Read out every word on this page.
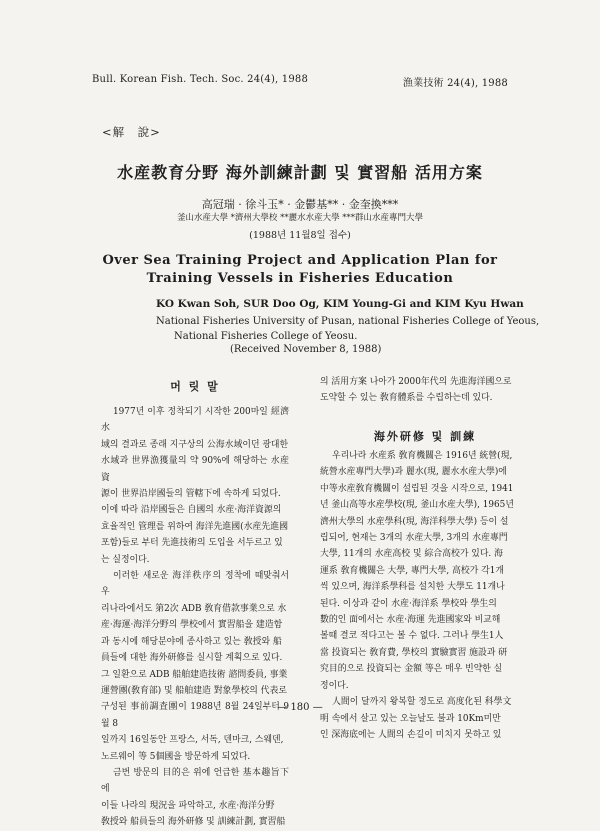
Bull. Korean Fish. Tech. Soc. 24(4), 1988	漁業技術 24(4), 1988
<解　說>
水産教育分野 海外訓練計劃 및 實習船 活用方案
高冠瑞 · 徐斗玉* · 金鬱基** · 金奎換***
釜山水産大學 *濟州大學校 **麗水水産大學 ***群山水産專門大學
(1988년 11월8일 접수)
Over Sea Training Project and Application Plan for
Training Vessels in Fisheries Education
KO Kwan Soh, SUR Doo Og, KIM Young-Gi and KIM Kyu Hwan
National Fisheries University of Pusan, national Fisheries College of Yeous,
National Fisheries College of Yeosu.
(Received November 8, 1988)
머 릿 말

1977년 이후 정착되기 시작한 200마일 經濟水

域의 결과로 종래 지구상의 公海水域이던 광대한

水域과 世界漁獲量의 약 90%에 해당하는 水産資

源이 世界沿岸國들의 管轄下에 속하게 되었다.

이에 따라 沿岸國들은 自國의 水産·海洋資源의

효율적인 管理를 위하여 海洋先進國(水産先進國

포함)들로 부터 先進技術의 도입을 서두르고 있

는 실정이다.

이러한 새로운 海洋秩序의 정착에 때맞춰서 우

리나라에서도 第2次 ADB 敎育借款事業으로 水

産·海運·海洋分野의 學校에서 實習船을 建造함

과 동시에 해당분야에 종사하고 있는 敎授와 船

員들에 대한 海外研修를 실시할 계획으로 있다.

그 일환으로 ADB 船舶建造技術 諮問委員, 事業

運營團(敎育部) 및 船舶建造 對象學校의 代表로

구성된 事前調査團이 1988년 8월 24일부터 9월 8

일까지 16일동안 프랑스, 서독, 덴마크, 스웨덴,

노르웨이 等 5個國을 방문하게 되었다.

금번 방문의 目的은 위에 언급한 基本趣旨下에

이들 나라의 現況을 파악하고, 水産·海洋分野

敎授와 船員들의 海外研修 및 訓練計劃, 實習船

의 活用方案 나아가 2000年代의 先進海洋國으로

도약할 수 있는 敎育體系를 수립하는데 있다.

海外研修 및 訓練

우리나라 水産系 敎育機關은 1916년 統營(現,

統營水産專門大學)과 麗水(現, 麗水水産大學)에

中等水産敎育機關이 설립된 것을 시작으로, 1941

년 釜山高等水産學校(現, 釜山水産大學), 1965년

濟州大學의 水産學科(現, 海洋科學大學) 등이 설

립되어, 현재는 3개의 水産大學, 3개의 水産專門

大學, 11개의 水産高校 및 綜合高校가 있다. 海

運系 敎育機關은 大學, 專門大學, 高校가 각1개

씩 있으며, 海洋系學科를 설치한 大學도 11개나

된다. 이상과 같이 水産·海洋系 學校와 學生의

數的인 面에서는 水産·海運 先進國家와 비교해

볼때 결코 적다고는 볼 수 없다. 그러나 學生1人

當 投資되는 敎育費, 學校의 實驗實習 施設과 研

究目的으로 投資되는 金額 等은 매우 빈약한 실

정이다.

人間이 달까지 왕복할 정도로 高度化된 科學文

明 속에서 살고 있는 오늘날도 불과 10Km미만

인 深海底에는 人間의 손길이 미치지 못하고 있

— 180 —
